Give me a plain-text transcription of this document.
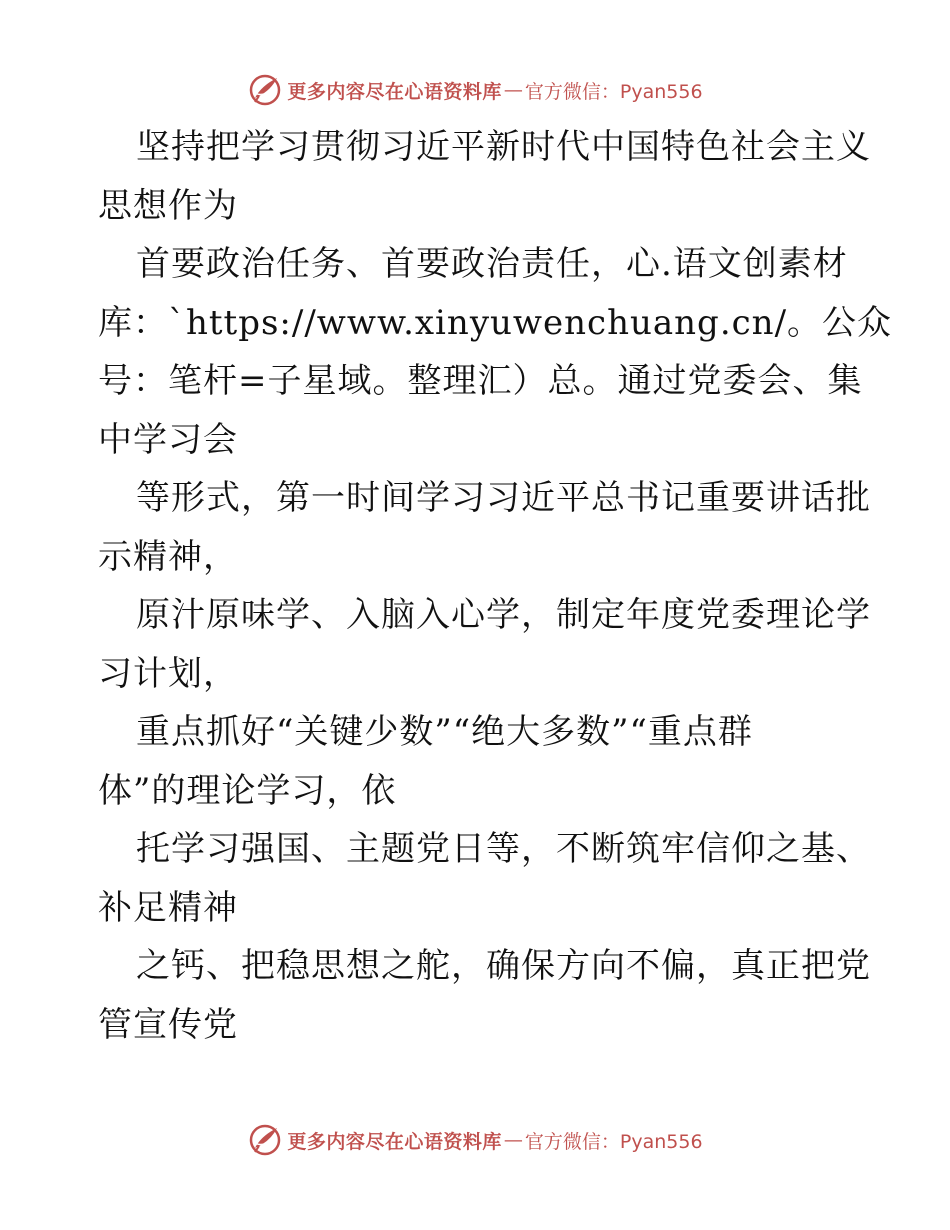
更多内容尽在心语资料库 — 官方微信：Pyan556
坚持把学习贯彻习近平新时代中国特色社会主义
思想作为
首要政治任务、首要政治责任，心.语文创素材
库：`https://www.xinyuwenchuang.cn/。公众
号：笔杆=子星域。整理汇）总。通过党委会、集
中学习会
等形式，第一时间学习习近平总书记重要讲话批
示精神，
原汁原味学、入脑入心学，制定年度党委理论学
习计划，
重点抓好“关键少数”“绝大多数”“重点群
体”的理论学习，依
托学习强国、主题党日等，不断筑牢信仰之基、
补足精神
之钙、把稳思想之舵，确保方向不偏，真正把党
管宣传党
更多内容尽在心语资料库 — 官方微信：Pyan556
